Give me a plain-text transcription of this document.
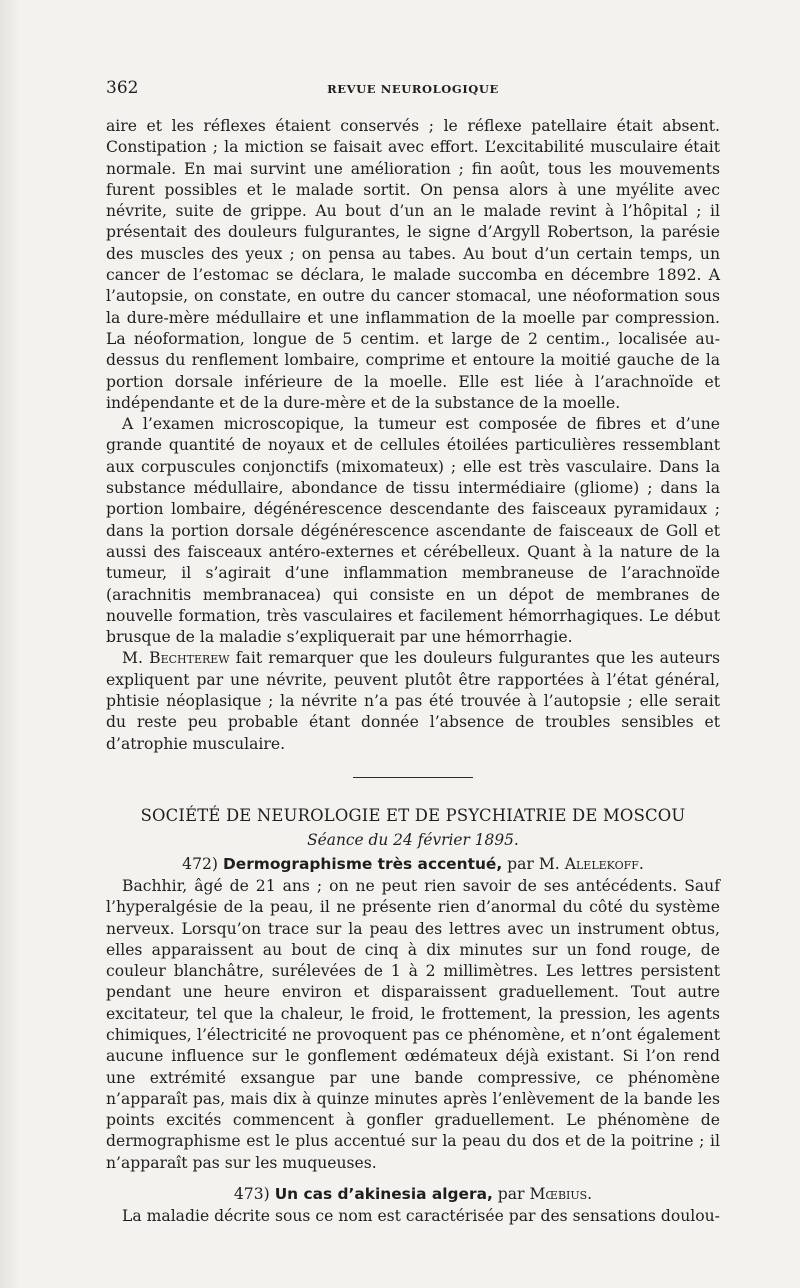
362	REVUE NEUROLOGIQUE

aire et les réflexes étaient conservés ; le réflexe patellaire était absent. Constipation ; la miction se faisait avec effort. L’excitabilité musculaire était normale. En mai survint une amélioration ; fin août, tous les mouvements furent possibles et le malade sortit. On pensa alors à une myélite avec névrite, suite de grippe. Au bout d’un an le malade revint à l’hôpital ; il présentait des douleurs fulgurantes, le signe d’Argyll Robertson, la parésie des muscles des yeux ; on pensa au tabes. Au bout d’un certain temps, un cancer de l’estomac se déclara, le malade succomba en décembre 1892. A l’autopsie, on constate, en outre du cancer stomacal, une néoformation sous la dure-mère médullaire et une inflammation de la moelle par compression. La néoformation, longue de 5 centim. et large de 2 centim., localisée au-dessus du renflement lombaire, comprime et entoure la moitié gauche de la portion dorsale inférieure de la moelle. Elle est liée à l’arachnoïde et indépendante et de la dure-mère et de la substance de la moelle.

A l’examen microscopique, la tumeur est composée de fibres et d’une grande quantité de noyaux et de cellules étoilées particulières ressemblant aux corpuscules conjonctifs (mixomateux) ; elle est très vasculaire. Dans la substance médullaire, abondance de tissu intermédiaire (gliome) ; dans la portion lombaire, dégénérescence descendante des faisceaux pyramidaux ; dans la portion dorsale dégénérescence ascendante de faisceaux de Goll et aussi des faisceaux antéro-externes et cérébelleux. Quant à la nature de la tumeur, il s’agirait d’une inflammation membraneuse de l’arachnoïde (arachnitis membranacea) qui consiste en un dépot de membranes de nouvelle formation, très vasculaires et facilement hémorrhagiques. Le début brusque de la maladie s’expliquerait par une hémorrhagie.

M. Bechterew fait remarquer que les douleurs fulgurantes que les auteurs expliquent par une névrite, peuvent plutôt être rapportées à l’état général, phtisie néoplasique ; la névrite n’a pas été trouvée à l’autopsie ; elle serait du reste peu probable étant donnée l’absence de troubles sensibles et d’atrophie musculaire.

SOCIÉTÉ DE NEUROLOGIE ET DE PSYCHIATRIE DE MOSCOU

Séance du 24 février 1895.

472) Dermographisme très accentué, par M. Alelekoff.

Bachhir, âgé de 21 ans ; on ne peut rien savoir de ses antécédents. Sauf l’hyperalgésie de la peau, il ne présente rien d’anormal du côté du système nerveux. Lorsqu’on trace sur la peau des lettres avec un instrument obtus, elles apparaissent au bout de cinq à dix minutes sur un fond rouge, de couleur blanchâtre, surélevées de 1 à 2 millimètres. Les lettres persistent pendant une heure environ et disparaissent graduellement. Tout autre excitateur, tel que la chaleur, le froid, le frottement, la pression, les agents chimiques, l’électricité ne provoquent pas ce phénomène, et n’ont également aucune influence sur le gonflement œdémateux déjà existant. Si l’on rend une extrémité exsangue par une bande compressive, ce phénomène n’apparaît pas, mais dix à quinze minutes après l’enlèvement de la bande les points excités commencent à gonfler graduellement. Le phénomène de dermographisme est le plus accentué sur la peau du dos et de la poitrine ; il n’apparaît pas sur les muqueuses.

473) Un cas d’akinesia algera, par Mœbius.

La maladie décrite sous ce nom est caractérisée par des sensations doulou-
